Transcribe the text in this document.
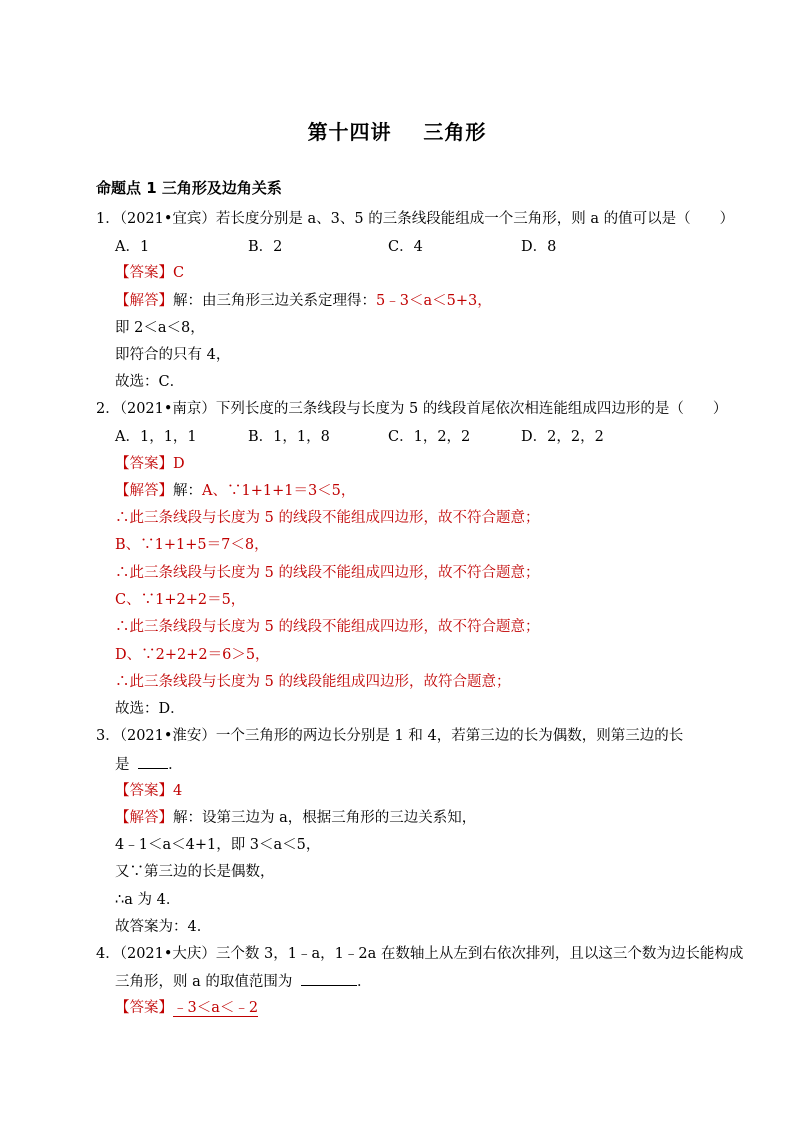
第十四讲    三角形
命题点 1 三角形及边角关系
1．（2021•宜宾）若长度分别是 a、3、5 的三条线段能组成一个三角形，则 a 的值可以是（　　）
A．1	B．2	C．4	D．8
【答案】C
【解答】解：由三角形三边关系定理得：5﹣3＜a＜5+3，
即 2＜a＜8，
即符合的只有 4，
故选：C．
2．（2021•南京）下列长度的三条线段与长度为 5 的线段首尾依次相连能组成四边形的是（　　）
A．1，1，1	B．1，1，8	C．1，2，2	D．2，2，2
【答案】D
【解答】解：A、∵1+1+1＝3＜5，
∴此三条线段与长度为 5 的线段不能组成四边形，故不符合题意；
B、∵1+1+5＝7＜8，
∴此三条线段与长度为 5 的线段不能组成四边形，故不符合题意；
C、∵1+2+2＝5，
∴此三条线段与长度为 5 的线段不能组成四边形，故不符合题意；
D、∵2+2+2＝6＞5，
∴此三条线段与长度为 5 的线段能组成四边形，故符合题意；
故选：D．
3．（2021•淮安）一个三角形的两边长分别是 1 和 4，若第三边的长为偶数，则第三边的长
是	．
【答案】4
【解答】解：设第三边为 a，根据三角形的三边关系知，
4﹣1＜a＜4+1，即 3＜a＜5，
又∵第三边的长是偶数，
∴a 为 4．
故答案为：4．
4．（2021•大庆）三个数 3，1﹣a，1﹣2a 在数轴上从左到右依次排列，且以这三个数为边长能构成
三角形，则 a 的取值范围为	．
【答案】﹣3＜a＜﹣2
